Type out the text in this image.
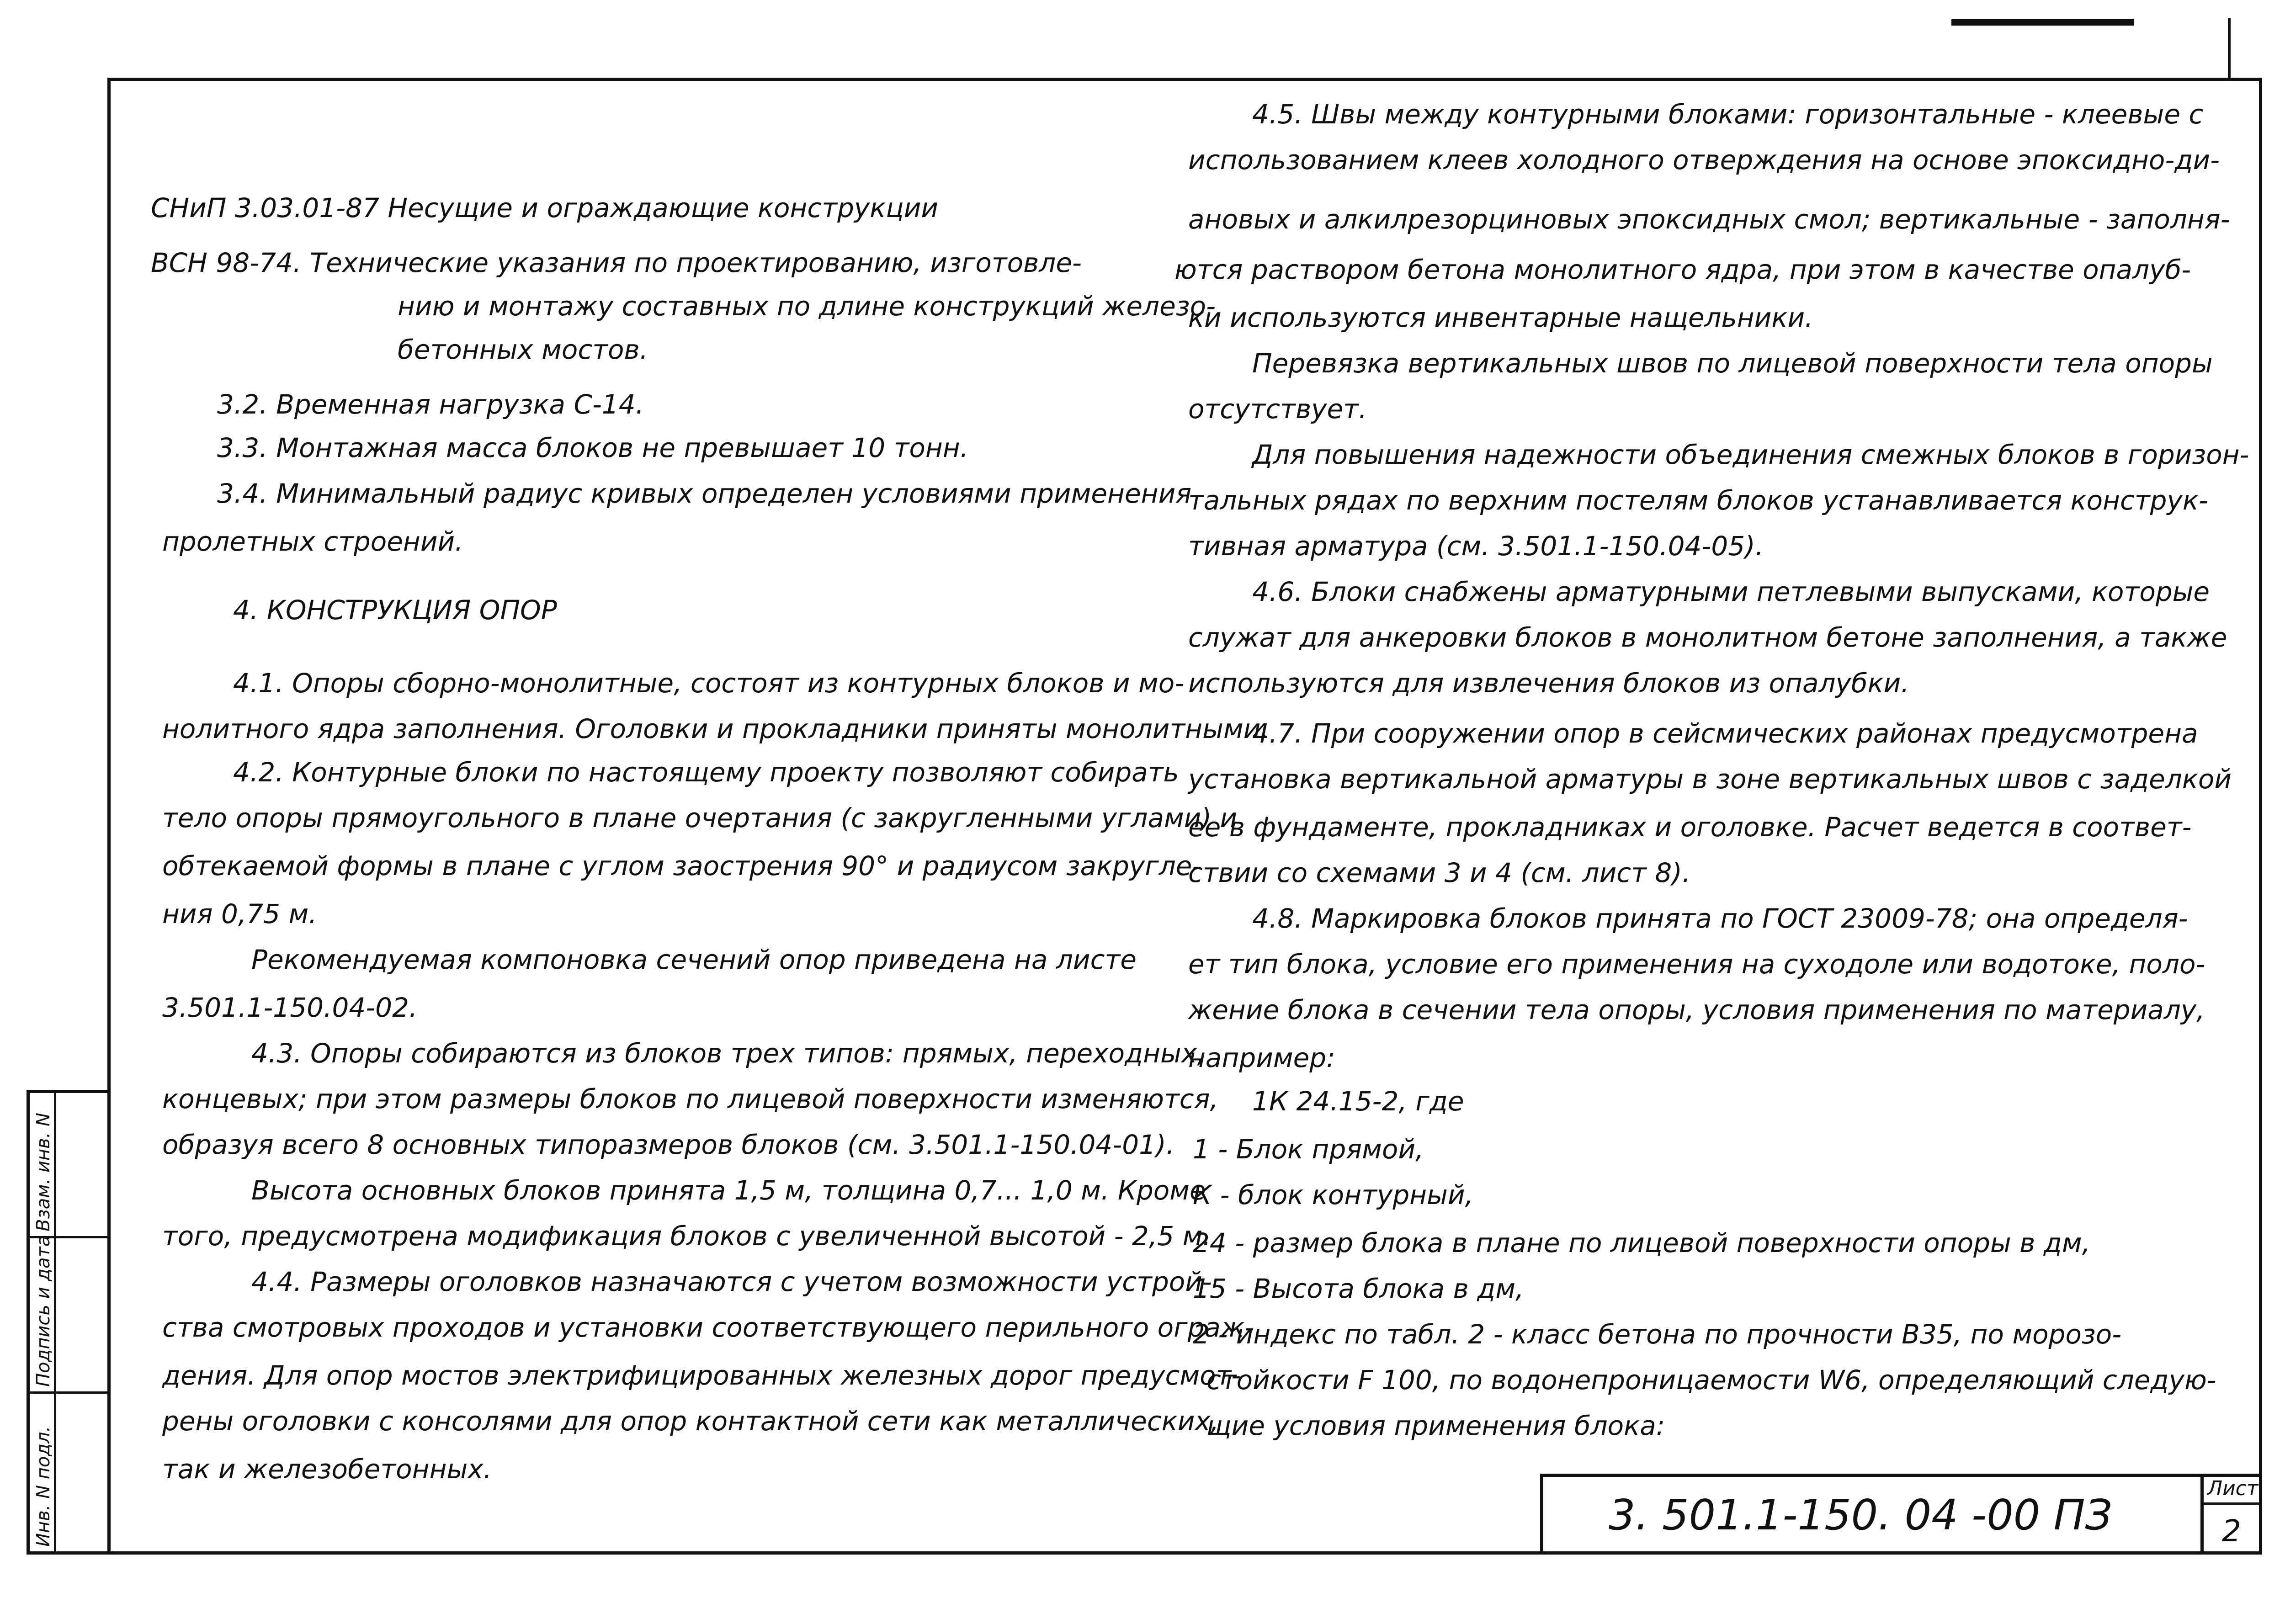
СНиП 3.03.01-87 Несущие и ограждающие конструкции
ВСН 98-74. Технические указания по проектированию, изготовле-
нию и монтажу составных по длине конструкций железо-
бетонных мостов.
3.2. Временная нагрузка С-14.
3.3. Монтажная масса блоков не превышает 10 тонн.
3.4. Минимальный радиус кривых определен условиями применения
пролетных строений.
4. КОНСТРУКЦИЯ ОПОР
4.1. Опоры сборно-монолитные, состоят из контурных блоков и мо-
нолитного ядра заполнения. Оголовки и прокладники приняты монолитными.
4.2. Контурные блоки по настоящему проекту позволяют собирать
тело опоры прямоугольного в плане очертания (с закругленными углами) и
обтекаемой формы в плане с углом заострения 90° и радиусом закругле-
ния 0,75 м.
Рекомендуемая компоновка сечений опор приведена на листе
3.501.1-150.04-02.
4.3. Опоры собираются из блоков трех типов: прямых, переходных,
концевых; при этом размеры блоков по лицевой поверхности изменяются,
образуя всего 8 основных типоразмеров блоков (см. 3.501.1-150.04-01).
Высота основных блоков принята 1,5 м, толщина 0,7... 1,0 м. Кроме
того, предусмотрена модификация блоков с увеличенной высотой - 2,5 м.
4.4. Размеры оголовков назначаются с учетом возможности устрой-
ства смотровых проходов и установки соответствующего перильного ограж-
дения. Для опор мостов электрифицированных железных дорог предусмот-
рены оголовки с консолями для опор контактной сети как металлических,
так и железобетонных.
4.5. Швы между контурными блоками: горизонтальные - клеевые с
использованием клеев холодного отверждения на основе эпоксидно-ди-
ановых и алкилрезорциновых эпоксидных смол; вертикальные - заполня-
ются раствором бетона монолитного ядра, при этом в качестве опалуб-
ки используются инвентарные нащельники.
Перевязка вертикальных швов по лицевой поверхности тела опоры
отсутствует.
Для повышения надежности объединения смежных блоков в горизон-
тальных рядах по верхним постелям блоков устанавливается конструк-
тивная арматура (см. 3.501.1-150.04-05).
4.6. Блоки снабжены арматурными петлевыми выпусками, которые
служат для анкеровки блоков в монолитном бетоне заполнения, а также
используются для извлечения блоков из опалубки.
4.7. При сооружении опор в сейсмических районах предусмотрена
установка вертикальной арматуры в зоне вертикальных швов с заделкой
ее в фундаменте, прокладниках и оголовке. Расчет ведется в соответ-
ствии со схемами 3 и 4 (см. лист 8).
4.8. Маркировка блоков принята по ГОСТ 23009-78; она определя-
ет тип блока, условие его применения на суходоле или водотоке, поло-
жение блока в сечении тела опоры, условия применения по материалу,
например:
1К 24.15-2, где
1 - Блок прямой,
К - блок контурный,
24 - размер блока в плане по лицевой поверхности опоры в дм,
15 - Высота блока в дм,
2 - индекс по табл. 2 - класс бетона по прочности В35, по морозо-
стойкости F 100, по водонепроницаемости W6, определяющий следую-
щие условия применения блока:
3. 501.1-150. 04 -00 ПЗ
Лист
2
Инв. N подл.
Подпись и дата
Взам. инв. N
